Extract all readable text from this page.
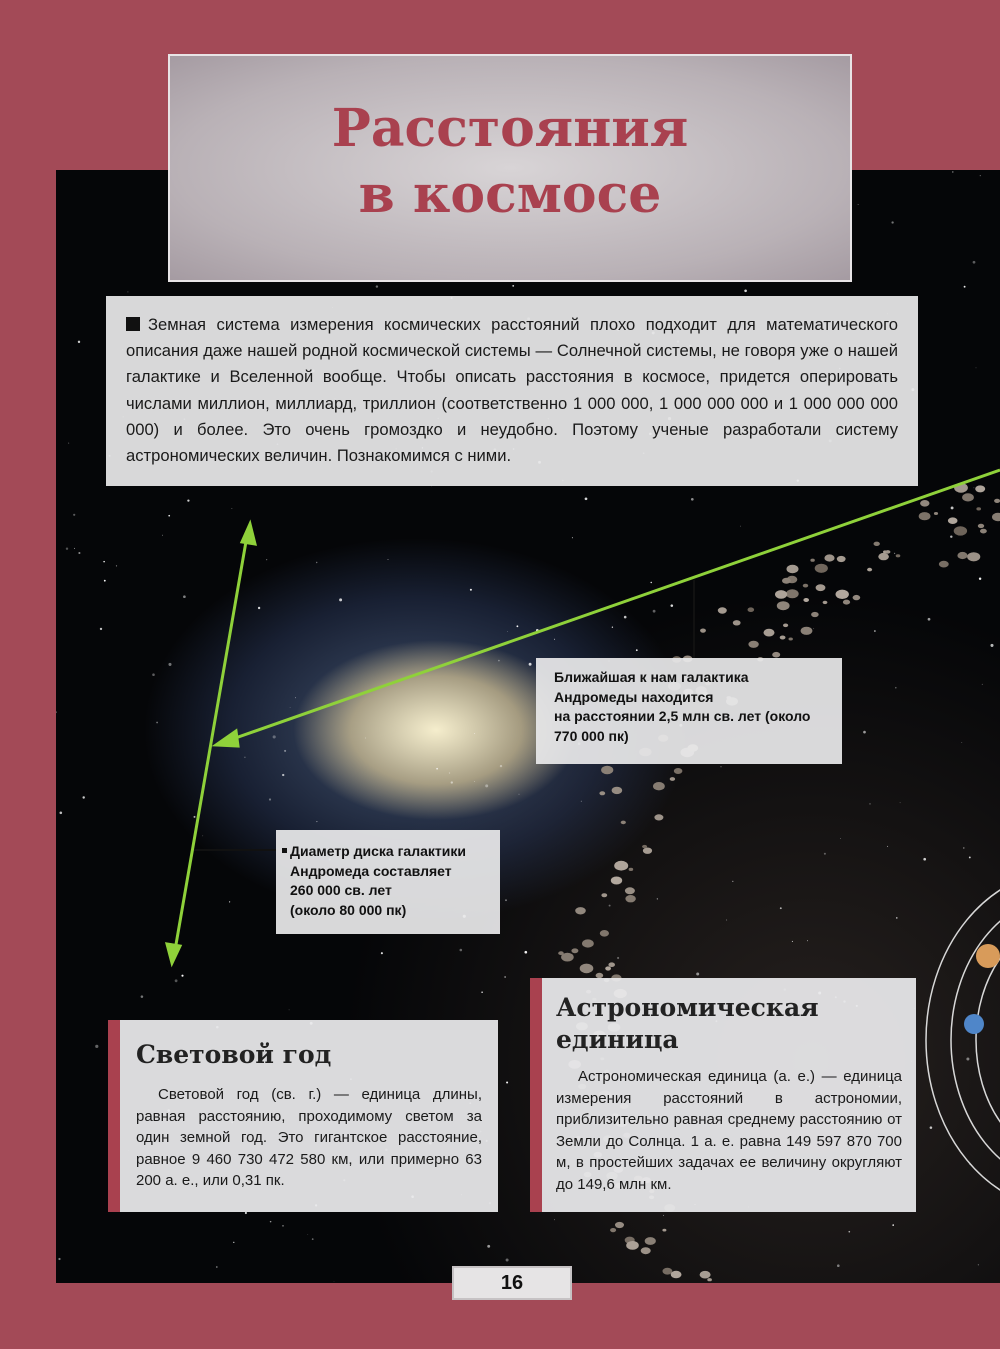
Расстояния
в космосе

Земная система измерения космических расстояний плохо подходит для математического описания даже нашей родной космической системы — Солнечной системы, не говоря уже о нашей галактике и Вселенной вообще. Чтобы описать расстояния в космосе, придется оперировать числами миллион, миллиард, триллион (соответственно 1 000 000, 1 000 000 000 и 1 000 000 000 000) и более. Это очень громоздко и неудобно. Поэтому ученые разработали систему астрономических величин. Познакомимся с ними.

Ближайшая к нам галактика

Андромеды находится

на расстоянии 2,5 млн св. лет (около

770 000 пк)

Диаметр диска галактики

Андромеда составляет

260 000 св. лет

(около 80 000 пк)

Световой год

Световой год (св. г.) — единица длины, равная расстоянию, проходимому светом за один земной год. Это гигантское расстояние, равное 9 460 730 472 580 км, или примерно 63 200 а. е., или 0,31 пк.

Астрономическая
единица

Астрономическая единица (а. е.) — единица измерения расстояний в астрономии, приблизительно равная среднему расстоянию от Земли до Солнца. 1 а. е. равна 149 597 870 700 м, в простейших задачах ее величину округляют до 149,6 млн км.

16
